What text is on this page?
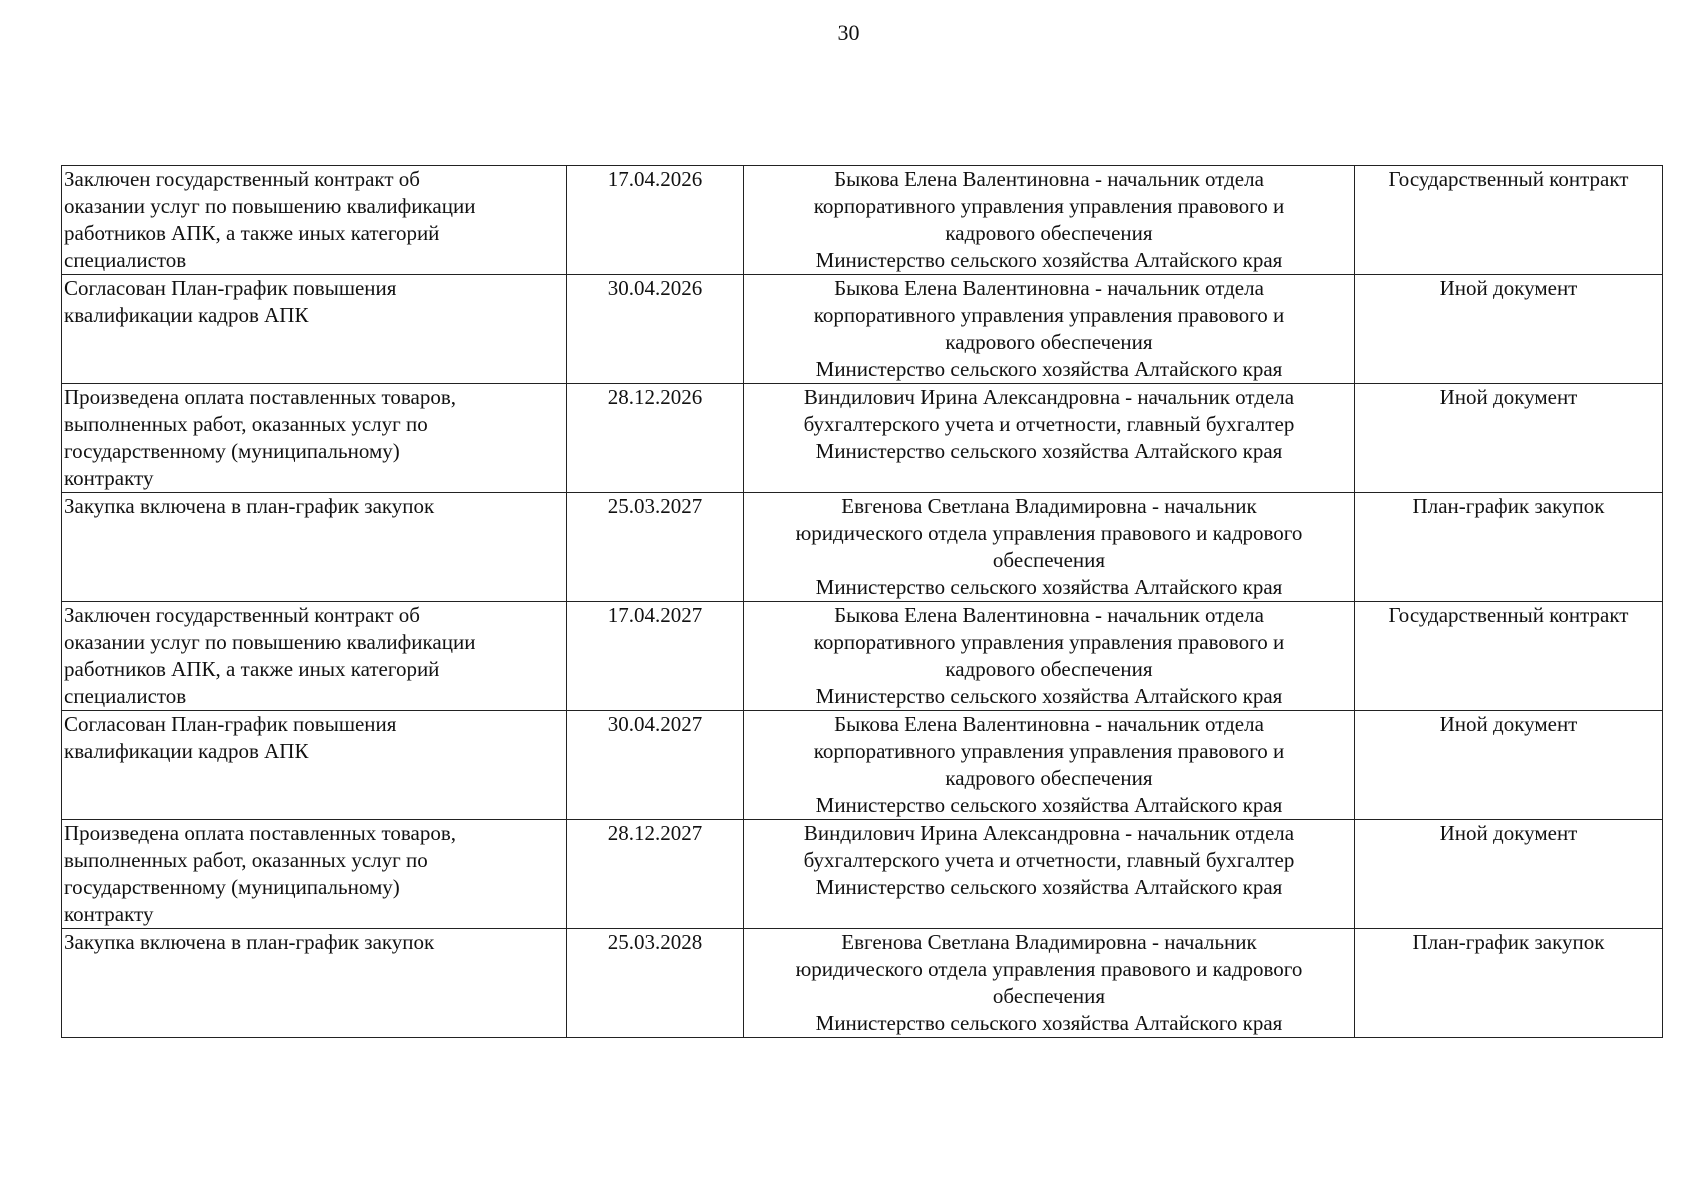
30
Заключен государственный контракт об
оказании услуг по повышению квалификации
работников АПК, а также иных категорий
специалистов	17.04.2026	Быкова Елена Валентиновна - начальник отдела
корпоративного управления управления правового и
кадрового обеспечения
Министерство сельского хозяйства Алтайского края	Государственный контракт

Согласован План-график повышения
квалификации кадров АПК	30.04.2026	Быкова Елена Валентиновна - начальник отдела
корпоративного управления управления правового и
кадрового обеспечения
Министерство сельского хозяйства Алтайского края	Иной документ

Произведена оплата поставленных товаров,
выполненных работ, оказанных услуг по
государственному (муниципальному)
контракту	28.12.2026	Виндилович Ирина Александровна - начальник отдела
бухгалтерского учета и отчетности, главный бухгалтер
Министерство сельского хозяйства Алтайского края	Иной документ

Закупка включена в план-график закупок	25.03.2027	Евгенова Светлана Владимировна - начальник
юридического отдела управления правового и кадрового
обеспечения
Министерство сельского хозяйства Алтайского края	План-график закупок

Заключен государственный контракт об
оказании услуг по повышению квалификации
работников АПК, а также иных категорий
специалистов	17.04.2027	Быкова Елена Валентиновна - начальник отдела
корпоративного управления управления правового и
кадрового обеспечения
Министерство сельского хозяйства Алтайского края	Государственный контракт

Согласован План-график повышения
квалификации кадров АПК	30.04.2027	Быкова Елена Валентиновна - начальник отдела
корпоративного управления управления правового и
кадрового обеспечения
Министерство сельского хозяйства Алтайского края	Иной документ

Произведена оплата поставленных товаров,
выполненных работ, оказанных услуг по
государственному (муниципальному)
контракту	28.12.2027	Виндилович Ирина Александровна - начальник отдела
бухгалтерского учета и отчетности, главный бухгалтер
Министерство сельского хозяйства Алтайского края	Иной документ

Закупка включена в план-график закупок	25.03.2028	Евгенова Светлана Владимировна - начальник
юридического отдела управления правового и кадрового
обеспечения
Министерство сельского хозяйства Алтайского края	План-график закупок
